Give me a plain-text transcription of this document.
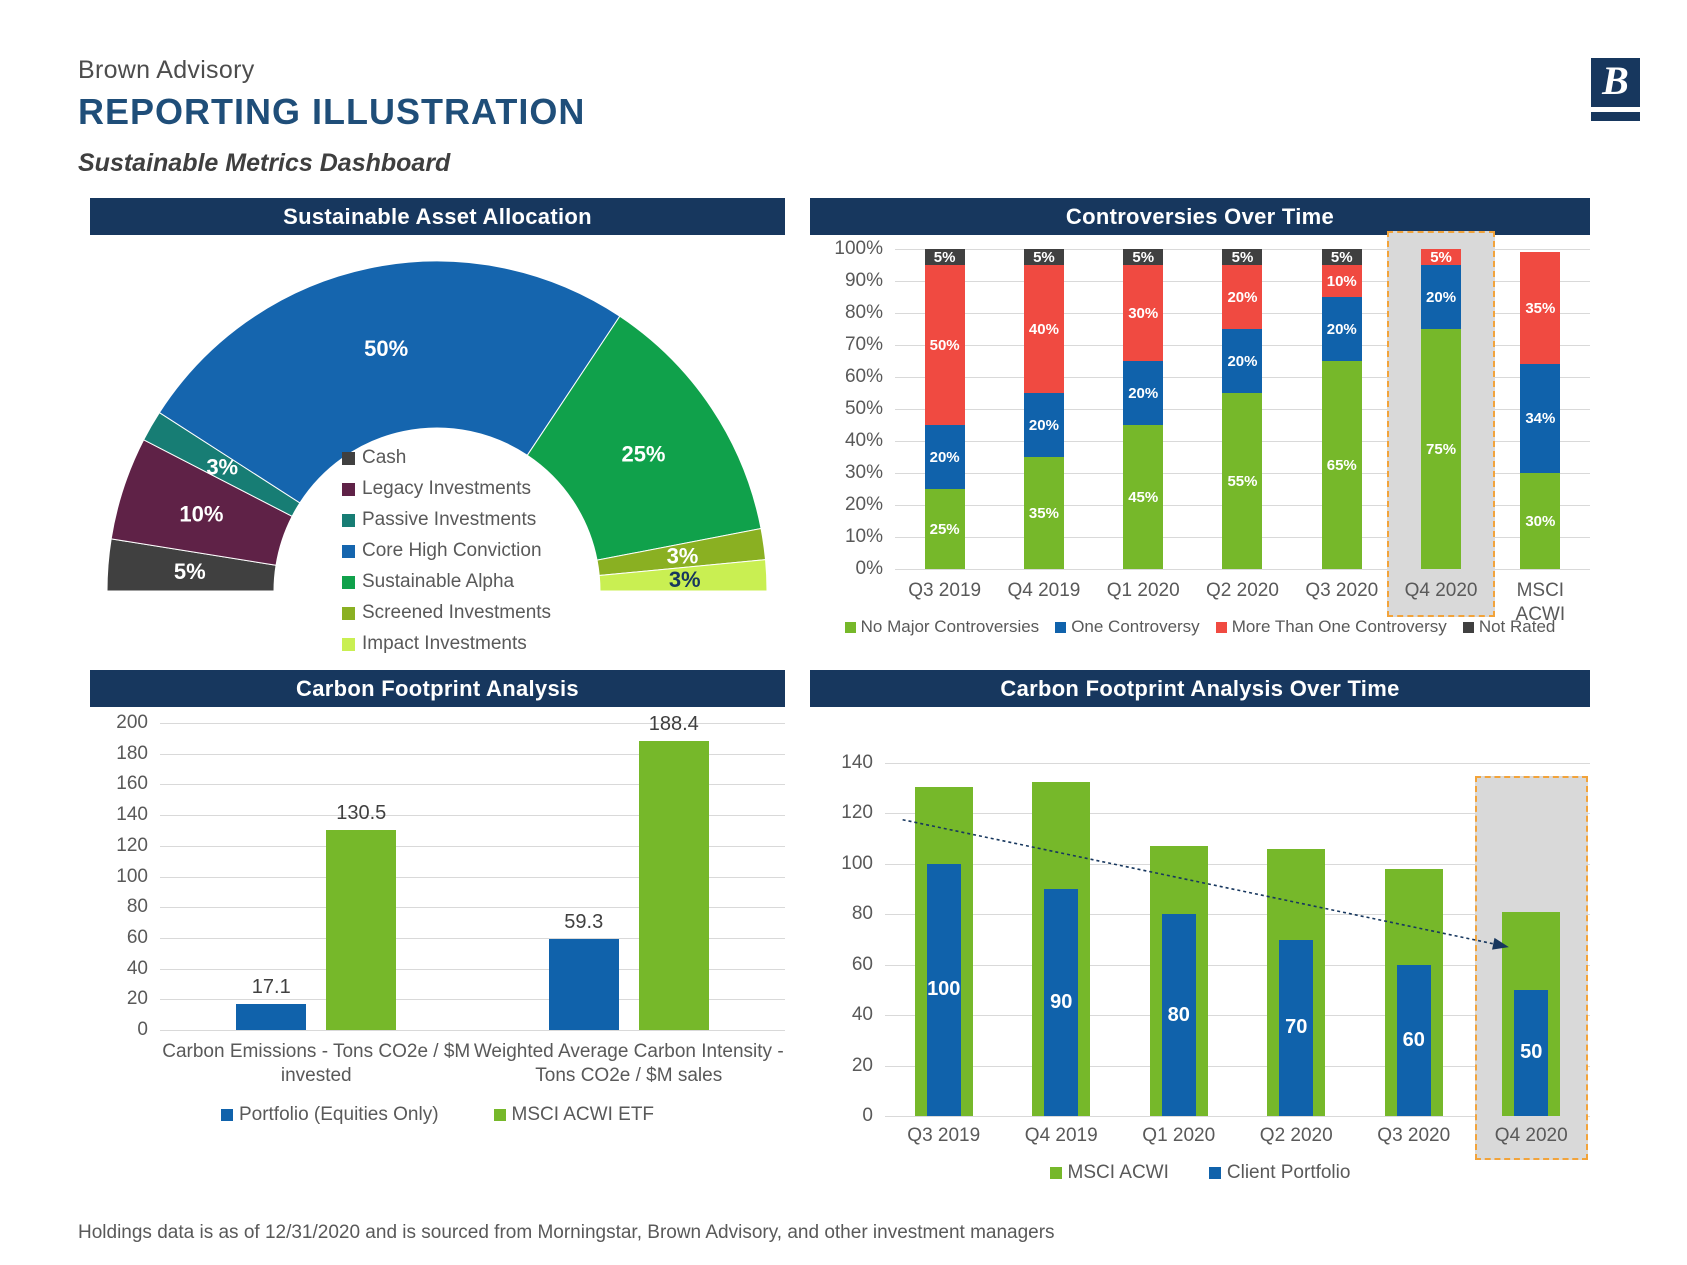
Brown Advisory
REPORTING ILLUSTRATION
Sustainable Metrics Dashboard
B
Sustainable Asset Allocation
5%
10%
3%
50%
25%
3%
3%
Cash
Legacy Investments
Passive Investments
Core High Conviction
Sustainable Alpha
Screened Investments
Impact Investments
Controversies Over Time
0%
10%
20%
30%
40%
50%
60%
70%
80%
90%
100%	5%
50%
20%
25%
5%
40%
20%
35%
5%
30%
20%
45%
5%
20%
20%
55%
5%
10%
20%
65%
5%
20%
75%
35%
34%
30%
Q3 2019	Q4 2019	Q1 2020	Q2 2020	Q3 2020	Q4 2020	MSCI ACWI
No Major Controversies One Controversy More Than One Controversy Not Rated
Carbon Footprint Analysis
0
20
40
60
80
100
120
140
160
180
200
17.1
130.5
59.3
188.4
Carbon Emissions - Tons CO2e / $M invested
Weighted Average Carbon Intensity - Tons CO2e / $M sales
Portfolio (Equities Only)	MSCI ACWI ETF
Carbon Footprint Analysis Over Time
0
20
40
60
80
100
120
140
100
90
80
70
60
50
Q3 2019	Q4 2019	Q1 2020	Q2 2020	Q3 2020	Q4 2020
MSCI ACWI	Client Portfolio
Holdings data is as of 12/31/2020 and is sourced from Morningstar, Brown Advisory, and other investment managers
